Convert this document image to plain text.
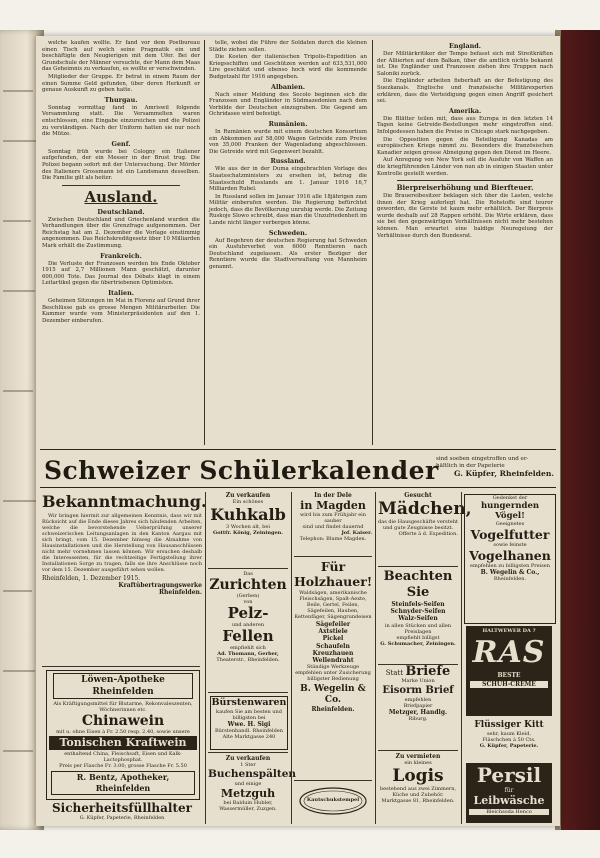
welche kaufen wollte. Er fand vor dem Postbureau einen Tisch auf welch seine Pragmatik ein und beschäftigte den Neugierigen mit dem Ufer. Bei der Grundschule der Männer versuchte, der Mann dem Maas das Geheimnis zu verkaufen, es wollte er verschwinden.

Mitglieder der Gruppe. Er betrat in einem Raum der einen Summe Geld gefunden, über deren Herkunft er genaue Auskunft zu geben hatte.

Thurgau.

Sonntag vormittag fand in Amriswil folgende Versammlung statt. Die Versammelten waren entschlossen, eine Eingabe einzureichen und die Polizei zu verständigen. Nach der Uniform hatten sie nur noch die Mütze.

Genf.

Sonntag früh wurde bei Cologny ein Italiener aufgefunden, der ein Messer in der Brust trug. Die Polizei begann sofort mit der Untersuchung. Der Mörder des Italieners Grossmann ist ein Landsmann desselben. Die Familie gilt als heiter.

Ausland.
Deutschland.

Zwischen Deutschland und Griechenland wurden die Verhandlungen über die Grenzfrage aufgenommen. Der Reichstag hat am 2. Dezember die Vorlage einstimmig angenommen. Das Reichskreditgesetz über 10 Milliarden Mark erhält die Zustimmung.

Frankreich.

Die Verluste der Franzosen werden bis Ende Oktober 1915 auf 2,7 Millionen Mann geschätzt, darunter 600,000 Tote. Das Journal des Débats klagt in einem Leitartikel gegen die übertriebenen Optimisten.

Italien.

Geheimen Sitzungen im Mai in Florenz auf Grund ihrer Beschlüsse gab es grosse Mengen Militärarbeiter. Die Kammer wurde vom Ministerpräsidenten auf den 1. Dezember einberufen.

telle, wobei die Führe der Soldaten durch die kleinen Städte ziehen sollen.

Die Kosten der italienischen Tripolis-Expedition an Kriegsschiffen und Geschützen werden auf 633,531,000 Lire geschätzt und ebenso hoch wird die kommende Budgetzahl für 1916 angegeben.

Albanien.

Nach einer Meldung des Secolo beginnen sich die Franzosen und Engländer in Südmazedonien nach dem Vorbilde der Deutschen einzugraben. Die Gegend am Ochridasee wird befestigt.

Rumänien.

In Rumänien wurde mit einem deutschen Konsortium ein Abkommen auf 58,000 Wagen Getreide zum Preise von 35,000 Franken der Wagenladung abgeschlossen. Die Getreide wird mit Gegenwert bezahlt.

Russland.

Wie aus der in der Duma eingebrachten Vorlage des Staatsschatzministers zu ersehen ist, betrug die Staatsschuld Russlands am 1. Januar 1916 16,7 Milliarden Rubel.

In Russland sollen im Januar 1916 alle 18jährigen zum Militär einberufen werden. Die Regierung befürchtet jedoch, dass die Bevölkerung unruhig werde. Die Zeitung Ruskoje Slowo schreibt, dass man die Unzufriedenheit im Lande nicht länger verbergen könne.

Schweden.

Auf Begehren der deutschen Regierung hat Schweden ein Ausfuhrverbot von 6000 Renntieren nach Deutschland zugelassen. Als erster Bezüger der Renntiere wurde die Stadtverwaltung von Mannheim genannt.

England.

Der Militärkritiker der Tempo befasst sich mit Streitkräften der Alliierten auf dem Balkan, über die amtlich nichts bekannt ist. Die Engländer und Franzosen ziehen ihre Truppen nach Saloniki zurück.

Die Engländer arbeiten fieberhaft an der Befestigung des Suezkanals. Englische und französische Militärexperten erklären, dass die Verteidigung gegen einen Angriff gesichert sei.

Amerika.

Die Blätter teilen mit, dass aus Europa in den letzten 14 Tagen keine Getreide-Bestellungen mehr eingetroffen sind. Infolgedessen haben die Preise in Chicago stark nachgegeben.

Die Opposition gegen die Beteiligung Kanadas am europäischen Kriege nimmt zu. Besonders die französischen Kanadier zeigen grosse Abneigung gegen den Dienst im Heere.

Auf Anregung von New York soll die Ausfuhr von Waffen an die kriegführenden Länder von nun ab in einigen Staaten unter Kontrolle gestellt werden.

Bierpreiserhöhung und Bierfteuer.

Die Brauereibesitzer beklagen sich über die Lasten, welche ihnen der Krieg auferlegt hat. Die Rohstoffe sind teurer geworden, die Gerste ist kaum mehr erhältlich. Der Bierpreis wurde deshalb auf 28 Rappen erhöht. Die Wirte erklären, dass sie bei den gegenwärtigen Verhältnissen nicht mehr bestehen können. Man erwartet eine baldige Neuregelung der Verhältnisse durch den Bundesrat.

Schweizer Schülerkalender
sind soeben eingetroffen und er-
hältlich in der Papeterie
G. Küpfer, Rheinfelden.
Bekanntmachung.
Wir bringen hiermit zur allgemeinen Kenntnis, dass wir mit Rücksicht auf die Ende dieses Jahres sich häufenden Arbeiten, welche die bevorstehende Ueberprüfung unserer schweizerischen Leitungsanlagen in den Kanton Aargau mit sich bringt, vom 15. Dezember hinweg die Abnahme von Hausinstallationen und die Herstellung von Hausanschlüssen nicht mehr vornehmen lassen können. Wir ersuchen deshalb die Interessenten, für die rechtzeitige Fertigstellung ihrer Installationen Sorge zu tragen, falls sie ihre Anschlüsse noch vor dem 15. Dezember ausgeführt sehen wollen.
Rheinfelden, 1. Dezember 1915.
Kraftübertragungswerke
Rheinfelden.
Löwen-Apotheke Rheinfelden
Als Kräftigungsmittel für Blutarme, Rekonvaleszenten, Wöchnerinnen etc.
Chinawein
mit u. ohne Eisen à Fr. 2.50 resp. 2.40, sowie unsere
Tonischen Kraftwein
enthaltend China, Fleischsaft, Eisen und Kalk-Lactophosphat.
Preis per Flasche Fr. 3.00; grosse Flasche Fr. 5.50
R. Bentz, Apotheker, Rheinfelden
Sicherheitsfüllhalter
G. Küpfer, Papeterie, Rheinfelden
Zu verkaufen
Ein schönes
Kuhkalb
3 Wochen alt, bei
Gottfr. König, Zeiningen.
Das
Zurichten
(Gerben)
von
Pelz-
und anderen
Fellen
empfiehlt sich
Ad. Thomann, Gerber,
Theaterstr., Rheinfelden.
Bürstenwaren
kaufen Sie am besten und billigsten bei
Wwe. H. Sigi
Bürstenhandl. Rheinfelden
Alte Marktgasse 240
Zu verkaufen
1 Ster
Buchenspälten
und einige
Metzguh
bei Balduin Hubler,
Wassermüller, Zuzgen.
In der Dele
in Magden
wird bis zum Frühjahr ein sauber
sind und findet dauernd
Jof. Kaiser.
Telephon: Blume Magden.
Für Holzhauer!
Waldsägen, amerikanische Fleischsägen, Spalt-Aexte, Beile, Gertel, Feilen, Sägefeilen, Hauben, Kettenfäger, Sägengrundeisen
Sägefeiler
Axtstiele
Pickel
Schaufeln
Kreuzhauen
Wellendraht
Ständige Werkzeuge
empfehlen unter Zusicherung billigster Bedienung
B. Wegelin & Co.
Rheinfelden.
Kautschukstempel
Gesucht
Mädchen,
das die Hausgeschäfte versteht und gute Zeugnisse besitzt.
Offerte à d. Expedition.
Beachten Sie
Steinfels-Seifen
Schnyder-Seifen
Walz-Seifen
in allen Stücken und allen Preislagen
empfiehlt billigst
G. Schumacher, Zeiningen.
Statt Briefe
Marke Union
Eisorm Brief
empfehlen
Briefpapier
Metzger, Handlg.
Riburg.
Zu vermieten
ein kleines
Logis
bestehend aus zwei Zimmern, Küche und Zubehör.
Marktgasse 81, Rheinfelden.
Gedenket der
hungernden Vögel!
Geeignetes
Vogelfutter
sowie feinste
Vogelhanen
empfehlen zu billigsten Preisen
B. Wegelin & Co.,
Rheinfelden.
HALTWEWER DA ?
RAS
BESTE
SCHUH-CREME
Flüssiger Kitt
sehr, kaum Kleid,
Fläschchen à 50 Cts.
G. Küpfer, Papeterie.
Persil
für
Leibwäsche
Bleichsoda Henco
